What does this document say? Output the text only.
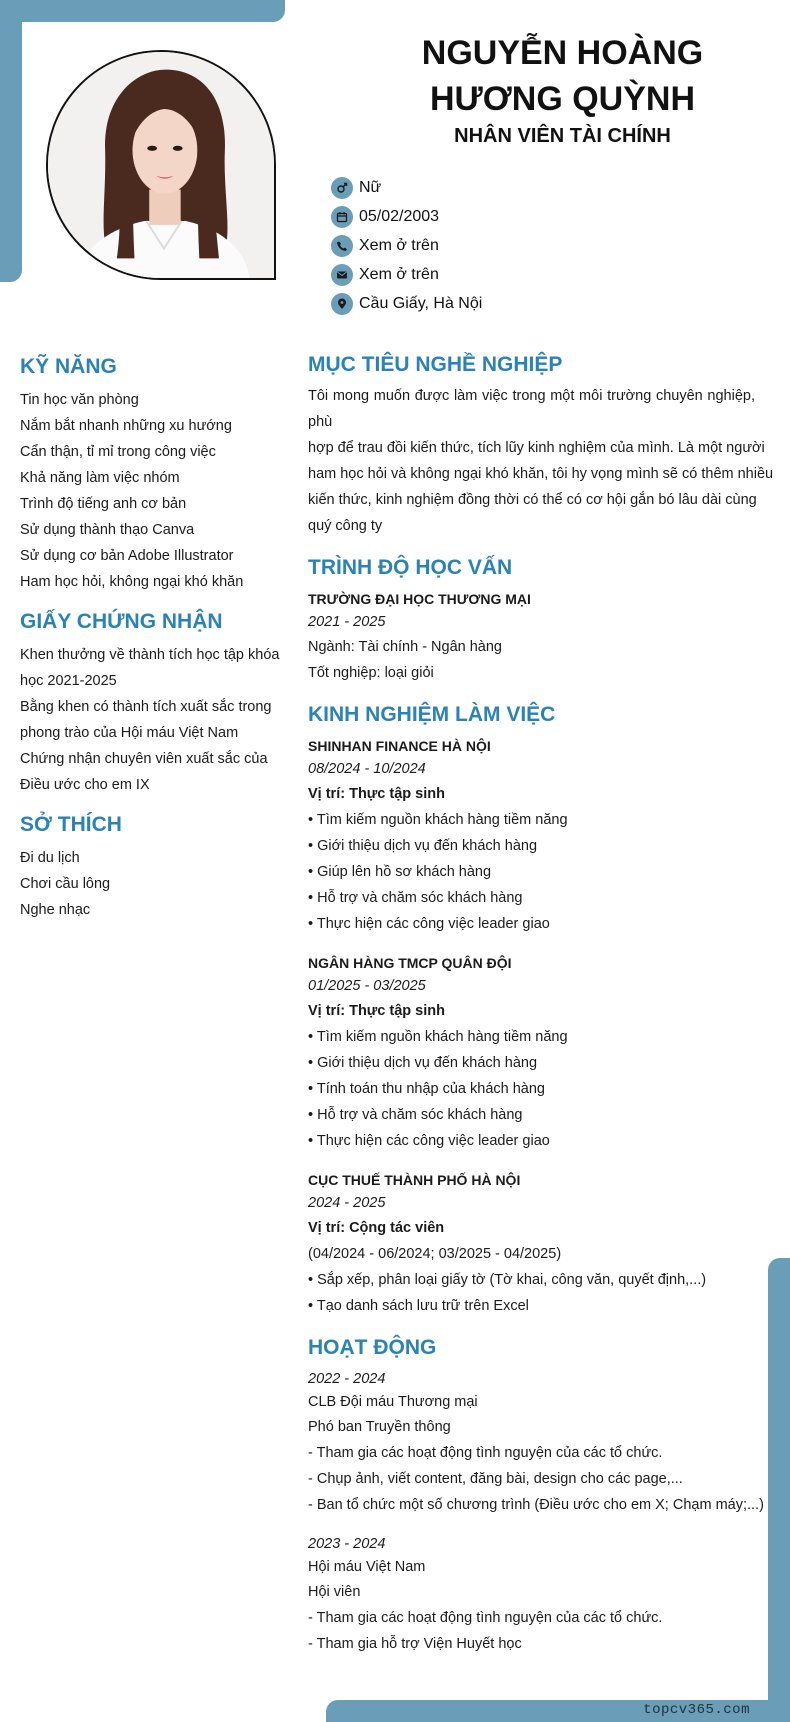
NGUYỄN HOÀNG
HƯƠNG QUỲNH
NHÂN VIÊN TÀI CHÍNH
Nữ
05/02/2003
Xem ở trên
Xem ở trên
Cầu Giấy, Hà Nội
KỸ NĂNG
Tin học văn phòng
Nắm bắt nhanh những xu hướng
Cẩn thận, tỉ mỉ trong công việc
Khả năng làm việc nhóm
Trình độ tiếng anh cơ bản
Sử dụng thành thạo Canva
Sử dụng cơ bản Adobe Illustrator
Ham học hỏi, không ngại khó khăn
GIẤY CHỨNG NHẬN
Khen thưởng về thành tích học tập khóa
học 2021-2025
Bằng khen có thành tích xuất sắc trong
phong trào của Hội máu Việt Nam
Chứng nhận chuyên viên xuất sắc của
Điều ước cho em IX
SỞ THÍCH
Đi du lịch
Chơi cầu lông
Nghe nhạc
MỤC TIÊU NGHỀ NGHIỆP
Tôi mong muốn được làm việc trong một môi trường chuyên nghiệp,
phù
hợp để trau đồi kiến thức, tích lũy kinh nghiệm của mình. Là một người
ham học hỏi và không ngại khó khăn, tôi hy vọng mình sẽ có thêm nhiều
kiến thức, kinh nghiệm đồng thời có thể có cơ hội gắn bó lâu dài cùng
quý công ty
TRÌNH ĐỘ HỌC VẤN
TRƯỜNG ĐẠI HỌC THƯƠNG MẠI
2021 - 2025
Ngành: Tài chính - Ngân hàng
Tốt nghiệp: loại giỏi
KINH NGHIỆM LÀM VIỆC
SHINHAN FINANCE HÀ NỘI
08/2024 - 10/2024
Vị trí: Thực tập sinh
• Tìm kiếm nguồn khách hàng tiềm năng
• Giới thiệu dịch vụ đến khách hàng
• Giúp lên hồ sơ khách hàng
• Hỗ trợ và chăm sóc khách hàng
• Thực hiện các công việc leader giao
NGÂN HÀNG TMCP QUÂN ĐỘI
01/2025 - 03/2025
Vị trí: Thực tập sinh
• Tìm kiếm nguồn khách hàng tiềm năng
• Giới thiệu dịch vụ đến khách hàng
• Tính toán thu nhập của khách hàng
• Hỗ trợ và chăm sóc khách hàng
• Thực hiện các công việc leader giao
CỤC THUẾ THÀNH PHỐ HÀ NỘI
2024 - 2025
Vị trí: Cộng tác viên
(04/2024 - 06/2024; 03/2025 - 04/2025)
• Sắp xếp, phân loại giấy tờ (Tờ khai, công văn, quyết định,...)
• Tạo danh sách lưu trữ trên Excel
HOẠT ĐỘNG
2022 - 2024
CLB Đội máu Thương mại
Phó ban Truyền thông
- Tham gia các hoạt động tình nguyện của các tổ chức.
- Chụp ảnh, viết content, đăng bài, design cho các page,...
- Ban tổ chức một số chương trình (Điều ước cho em X; Chạm máy;...)
2023 - 2024
Hội máu Việt Nam
Hội viên
- Tham gia các hoạt động tình nguyện của các tổ chức.
- Tham gia hỗ trợ Viện Huyết học
topcv365.com
